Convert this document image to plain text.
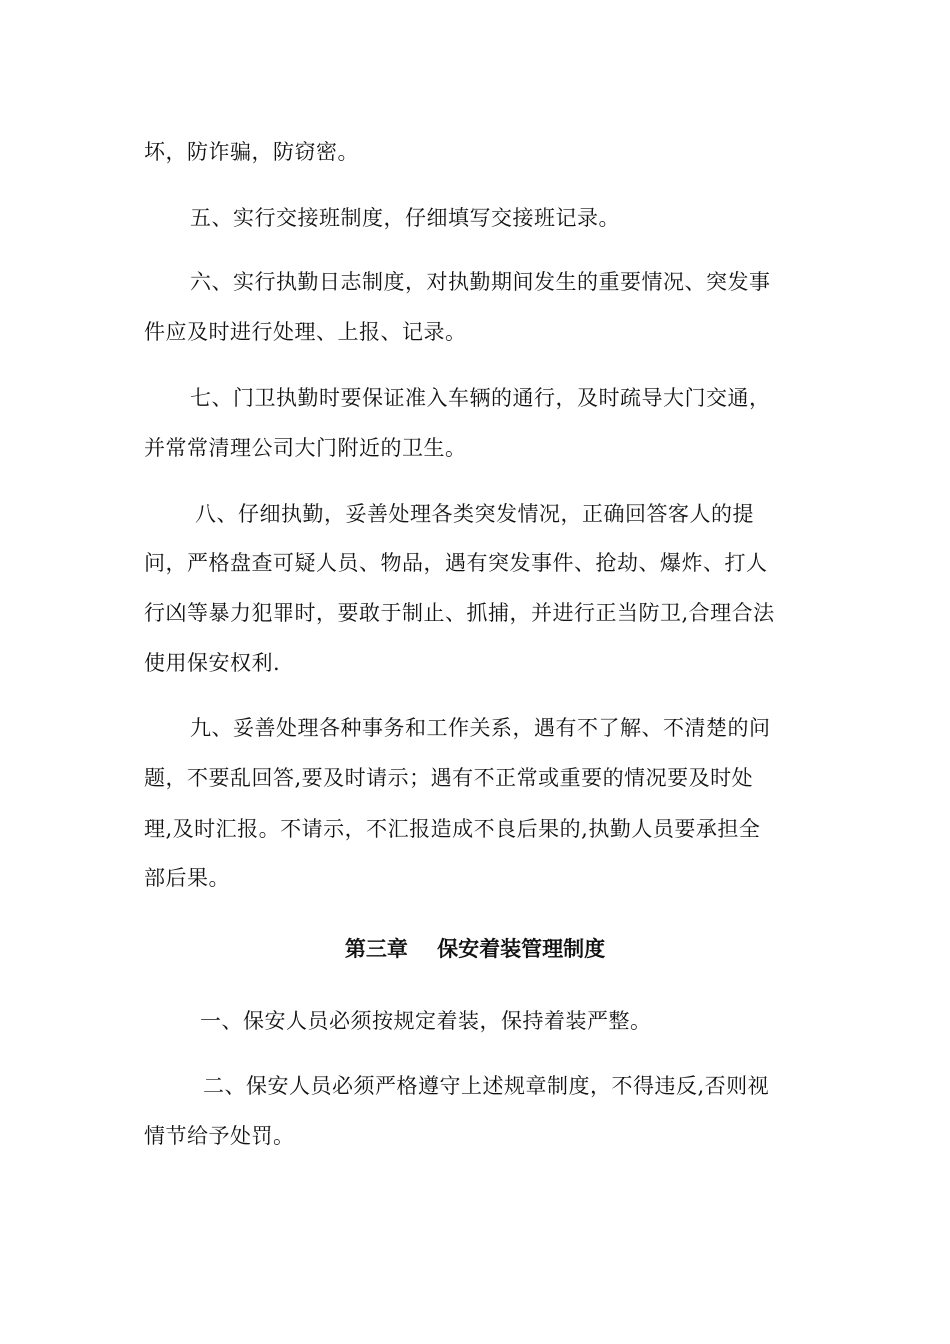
坏，防诈骗，防窃密。
五、实行交接班制度，仔细填写交接班记录。
六、实行执勤日志制度，对执勤期间发生的重要情况、突发事
件应及时进行处理、上报、记录。
七、门卫执勤时要保证准入车辆的通行，及时疏导大门交通，
并常常清理公司大门附近的卫生。
八、仔细执勤，妥善处理各类突发情况，正确回答客人的提
问，严格盘查可疑人员、物品，遇有突发事件、抢劫、爆炸、打人
行凶等暴力犯罪时，要敢于制止、抓捕，并进行正当防卫,合理合法
使用保安权利.
九、妥善处理各种事务和工作关系，遇有不了解、不清楚的问
题，不要乱回答,要及时请示；遇有不正常或重要的情况要及时处
理,及时汇报。不请示，不汇报造成不良后果的,执勤人员要承担全
部后果。
第三章    保安着装管理制度
一、保安人员必须按规定着装，保持着装严整。
二、保安人员必须严格遵守上述规章制度，不得违反,否则视
情节给予处罚。
